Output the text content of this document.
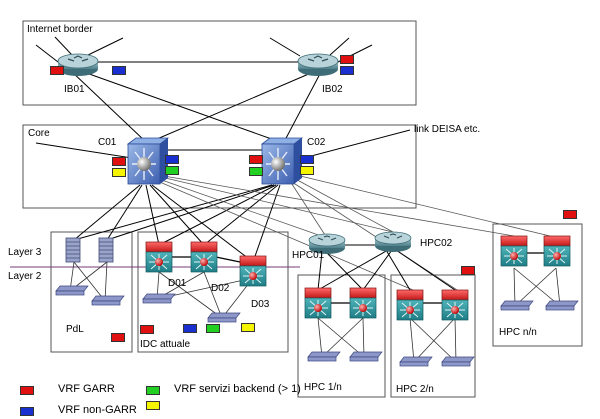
Internet border
Core
IB01	IB02
C01	C02
link DEISA etc.
Layer 3
Layer 2
D01 D02
D03
HPC01
HPC02
PdL
IDC attuale
HPC 1/n	HPC 2/n
HPC n/n
VRF GARR
VRF non-GARR
VRF servizi backend (> 1)
